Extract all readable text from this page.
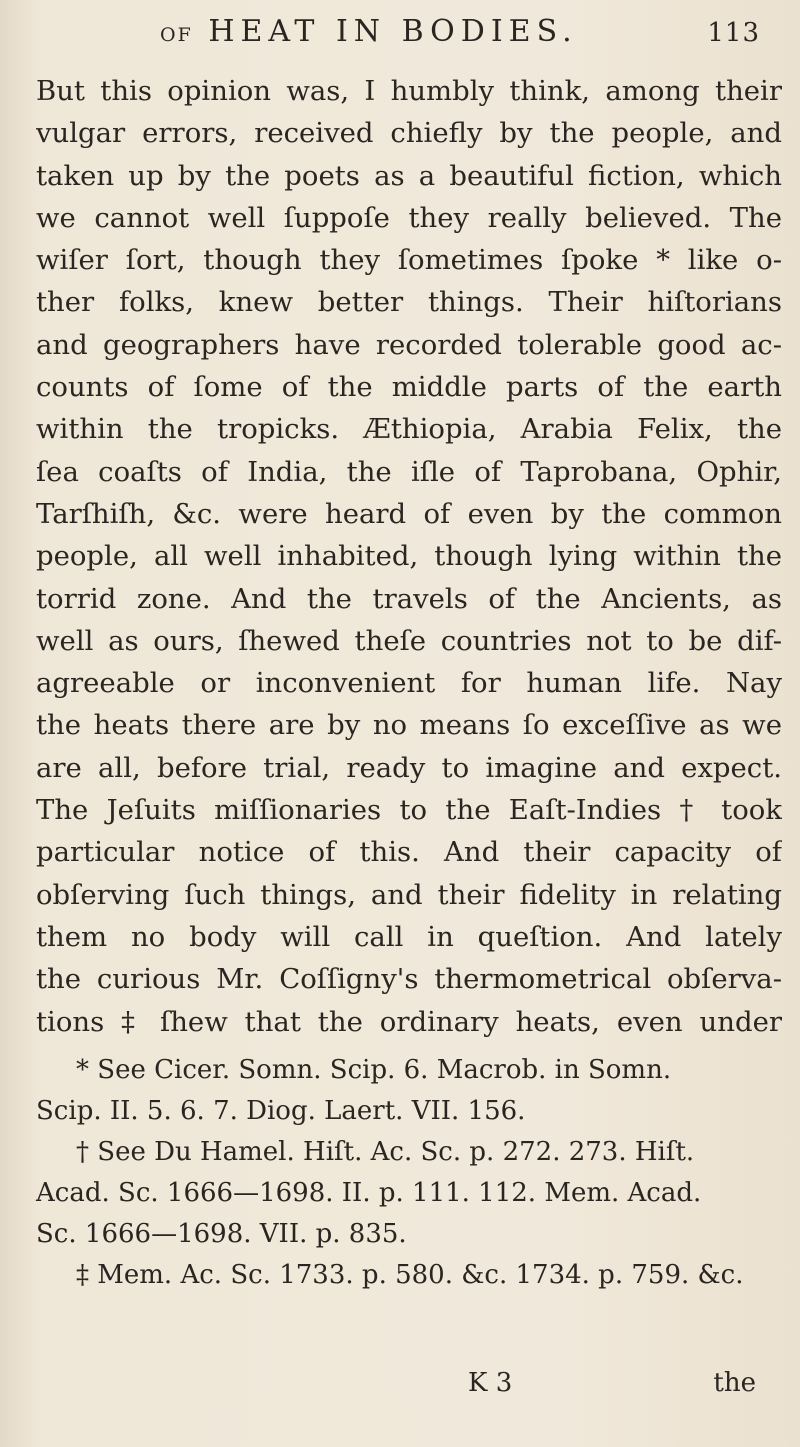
OF HEAT IN BODIES.	113
But this opinion was, I humbly think, among their
vulgar errors, received chiefly by the people, and
taken up by the poets as a beautiful fiction, which
we cannot well ſuppoſe they really believed. The
wiſer ſort, though they ſometimes ſpoke * like o-
ther folks, knew better things. Their hiſtorians
and geographers have recorded tolerable good ac-
counts of ſome of the middle parts of the earth
within the tropicks. Æthiopia, Arabia Felix, the
ſea coaſts of India, the iſle of Taprobana, Ophir,
Tarſhiſh, &c. were heard of even by the common
people, all well inhabited, though lying within the
torrid zone. And the travels of the Ancients, as
well as ours, ſhewed theſe countries not to be dif-
agreeable or inconvenient for human life. Nay
the heats there are by no means ſo exceſſive as we
are all, before trial, ready to imagine and expect.
The Jeſuits miſſionaries to the Eaſt-Indies † took
particular notice of this. And their capacity of
obſerving ſuch things, and their fidelity in relating
them no body will call in queſtion. And lately
the curious Mr. Coſſigny's thermometrical obſerva-
tions ‡ ſhew that the ordinary heats, even under
* See Cicer. Somn. Scip. 6. Macrob. in Somn.
Scip. II. 5. 6. 7. Diog. Laert. VII. 156.
† See Du Hamel. Hiſt. Ac. Sc. p. 272. 273. Hiſt.
Acad. Sc. 1666—1698. II. p. 111. 112. Mem. Acad.
Sc. 1666—1698. VII. p. 835.
‡ Mem. Ac. Sc. 1733. p. 580. &c. 1734. p. 759. &c.
K 3	the
